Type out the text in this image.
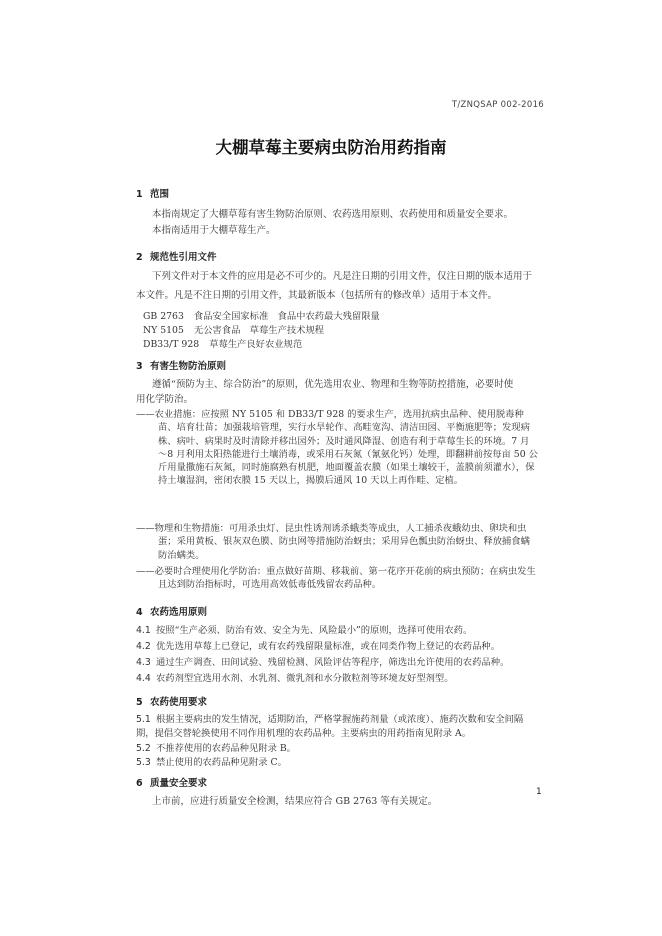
T/ZNQSAP 002-2016
大棚草莓主要病虫防治用药指南
1 范围
本指南规定了大棚草莓有害生物防治原则、农药选用原则、农药使用和质量安全要求。
本指南适用于大棚草莓生产。
2 规范性引用文件
下列文件对于本文件的应用是必不可少的。凡是注日期的引用文件，仅注日期的版本适用于
本文件。凡是不注日期的引用文件，其最新版本（包括所有的修改单）适用于本文件。
GB 2763 食品安全国家标准　食品中农药最大残留限量
NY 5105 无公害食品　草莓生产技术规程
DB33/T 928 草莓生产良好农业规范
3 有害生物防治原则
遵循“预防为主、综合防治”的原则，优先选用农业、物理和生物等防控措施，必要时使
用化学防治。
——农业措施：应按照 NY 5105 和 DB33/T 928 的要求生产，选用抗病虫品种、使用脱毒种苗、培育壮苗；加强栽培管理，实行水旱轮作、高畦宽沟、清洁田园、平衡施肥等；发现病株、病叶、病果时及时清除并移出园外；及时通风降湿、创造有利于草莓生长的环境。7 月～8 月利用太阳热能进行土壤消毒，或采用石灰氮（氰氨化钙）处理，即翻耕前按每亩 50 公斤用量撒施石灰氮，同时施腐熟有机肥，地面覆盖农膜（如果土壤较干，盖膜前须灌水），保持土壤湿润，密闭农膜 15 天以上，揭膜后通风 10 天以上再作畦、定植。
——物理和生物措施：可用杀虫灯、昆虫性诱剂诱杀蛾类等成虫，人工捕杀夜蛾幼虫、卵块和虫蛋；采用黄板、银灰双色膜、防虫网等措施防治蚜虫；采用异色瓢虫防治蚜虫、释放捕食螨防治螨类。
——必要时合理使用化学防治：重点做好苗期、移栽前、第一花序开花前的病虫预防；在病虫发生且达到防治指标时，可选用高效低毒低残留农药品种。
4 农药选用原则
4.1 按照“生产必须、防治有效、安全为先、风险最小”的原则，选择可使用农药。
4.2 优先选用草莓上已登记，或有农药残留限量标准，或在同类作物上登记的农药品种。
4.3 通过生产调查、田间试验、残留检测、风险评估等程序，筛选出允许使用的农药品种。
4.4 农药剂型宜选用水剂、水乳剂、微乳剂和水分散粒剂等环境友好型剂型。
5 农药使用要求
5.1 根据主要病虫的发生情况，适期防治，严格掌握施药剂量（或浓度）、施药次数和安全间隔期，提倡交替轮换使用不同作用机理的农药品种。主要病虫的用药指南见附录 A。
5.2 不推荐使用的农药品种见附录 B。
5.3 禁止使用的农药品种见附录 C。
6 质量安全要求
上市前，应进行质量安全检测，结果应符合 GB 2763 等有关规定。
1
